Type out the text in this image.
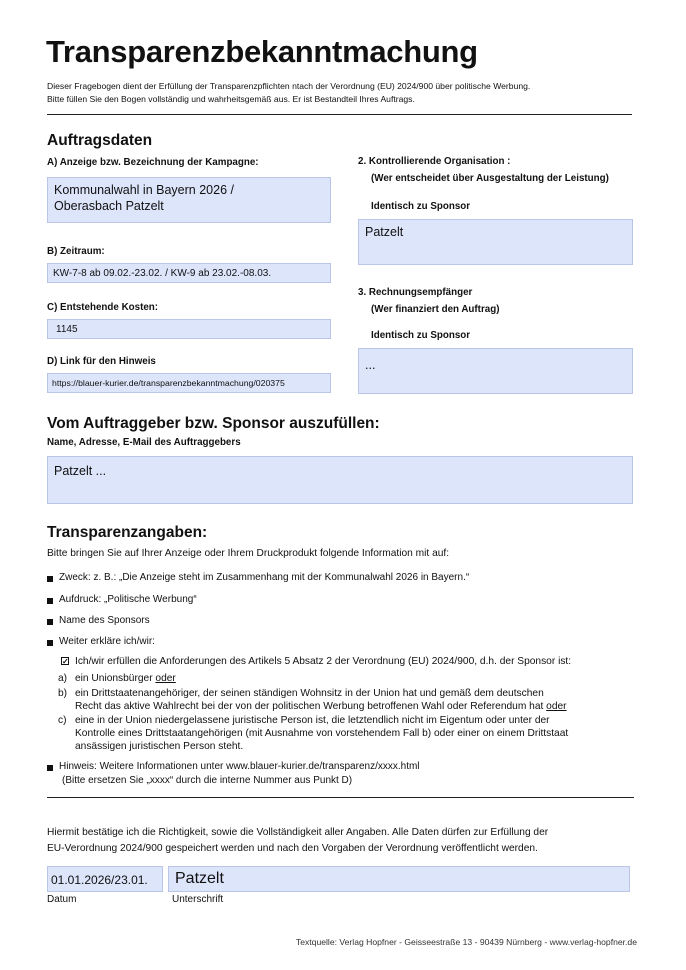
Transparenzbekanntmachung
Dieser Fragebogen dient der Erfüllung der Transparenzpflichten ntach der Verordnung (EU) 2024/900 über politische Werbung.
Bitte füllen Sie den Bogen vollständig und wahrheitsgemäß aus. Er ist Bestandteil Ihres Auftrags.
Auftragsdaten
A) Anzeige bzw. Bezeichnung der Kampagne:
Kommunalwahl in Bayern 2026 /
Oberasbach Patzelt
B) Zeitraum:
KW-7-8 ab 09.02.-23.02. / KW-9 ab 23.02.-08.03.
C) Entstehende Kosten:
1145
D) Link für den Hinweis
https://blauer-kurier.de/transparenzbekanntmachung/020375
2. Kontrollierende Organisation :
(Wer entscheidet über Ausgestaltung der Leistung)
Identisch zu Sponsor
Patzelt
3. Rechnungsempfänger
(Wer finanziert den Auftrag)
Identisch zu Sponsor
...
Vom Auftraggeber bzw. Sponsor auszufüllen:
Name, Adresse, E-Mail des Auftraggebers
Patzelt ...
Transparenzangaben:
Bitte bringen Sie auf Ihrer Anzeige oder Ihrem Druckprodukt folgende Information mit auf:
Zweck: z. B.: „Die Anzeige steht im Zusammenhang mit der Kommunalwahl 2026 in Bayern.“
Aufdruck: „Politische Werbung“
Name des Sponsors
Weiter erkläre ich/wir:
✓ Ich/wir erfüllen die Anforderungen des Artikels 5 Absatz 2 der Verordnung (EU) 2024/900, d.h. der Sponsor ist:
a) ein Unionsbürger oder
b) ein Drittstaatenangehöriger, der seinen ständigen Wohnsitz in der Union hat und gemäß dem deutschen
Recht das aktive Wahlrecht bei der von der politischen Werbung betroffenen Wahl oder Referendum hat oder
c) eine in der Union niedergelassene juristische Person ist, die letztendlich nicht im Eigentum oder unter der
Kontrolle eines Drittstaatangehörigen (mit Ausnahme von vorstehendem Fall b) oder einer on einem Drittstaat
ansässigen juristischen Person steht.
Hinweis: Weitere Informationen unter www.blauer-kurier.de/transparenz/xxxx.html
(Bitte ersetzen Sie „xxxx“ durch die interne Nummer aus Punkt D)
Hiermit bestätige ich die Richtigkeit, sowie die Vollständigkeit aller Angaben. Alle Daten dürfen zur Erfüllung der
EU-Verordnung 2024/900 gespeichert werden und nach den Vorgaben der Verordnung veröffentlicht werden.
01.01.2026/23.01.	Patzelt
Datum	Unterschrift
Textquelle: Verlag Hopfner - Geisseestraße 13 - 90439 Nürnberg - www.verlag-hopfner.de
